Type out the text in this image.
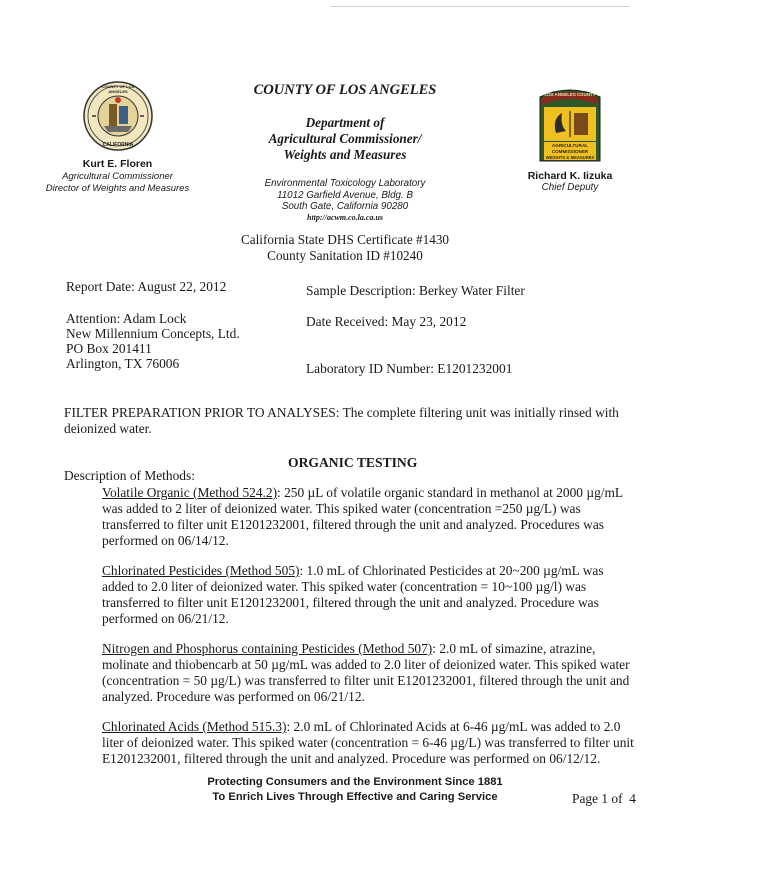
COUNTY OF LOS ANGELES
CALIFORNIA
Kurt E. Floren
Agricultural Commissioner
Director of Weights and Measures
COUNTY OF LOS ANGELES
Department of
Agricultural Commissioner/
Weights and Measures
Environmental Toxicology Laboratory
11012 Garfield Avenue, Bldg. B
South Gate, California 90280
http://acwm.co.la.ca.us
California State DHS Certificate #1430
County Sanitation ID #10240
LOS ANGELES COUNTY
AGRICULTURAL
COMMISSIONER
WEIGHTS & MEASURES
Richard K. Iizuka
Chief Deputy
Report Date: August 22, 2012	Sample Description: Berkey Water Filter
Attention: Adam Lock
New Millennium Concepts, Ltd.
PO Box 201411
Arlington, TX 76006
Date Received: May 23, 2012
Laboratory ID Number: E1201232001
FILTER PREPARATION PRIOR TO ANALYSES: The complete filtering unit was initially rinsed with deionized water.
ORGANIC TESTING
Description of Methods:
Volatile Organic (Method 524.2): 250 µL of volatile organic standard in methanol at 2000 µg/mL was added to 2 liter of deionized water. This spiked water (concentration =250 µg/L) was transferred to filter unit E1201232001, filtered through the unit and analyzed. Procedures was performed on 06/14/12.
Chlorinated Pesticides (Method 505): 1.0 mL of Chlorinated Pesticides at 20~200 µg/mL was added to 2.0 liter of deionized water. This spiked water (concentration = 10~100 µg/l) was transferred to filter unit E1201232001, filtered through the unit and analyzed. Procedure was performed on 06/21/12.
Nitrogen and Phosphorus containing Pesticides (Method 507): 2.0 mL of simazine, atrazine, molinate and thiobencarb at 50 µg/mL was added to 2.0 liter of deionized water. This spiked water (concentration = 50 µg/L) was transferred to filter unit E1201232001, filtered through the unit and analyzed. Procedure was performed on 06/21/12.
Chlorinated Acids (Method 515.3): 2.0 mL of Chlorinated Acids at 6-46 µg/mL was added to 2.0 liter of deionized water. This spiked water (concentration = 6-46 µg/L) was transferred to filter unit E1201232001, filtered through the unit and analyzed. Procedure was performed on 06/12/12.
Protecting Consumers and the Environment Since 1881
To Enrich Lives Through Effective and Caring Service	Page 1 of  4
